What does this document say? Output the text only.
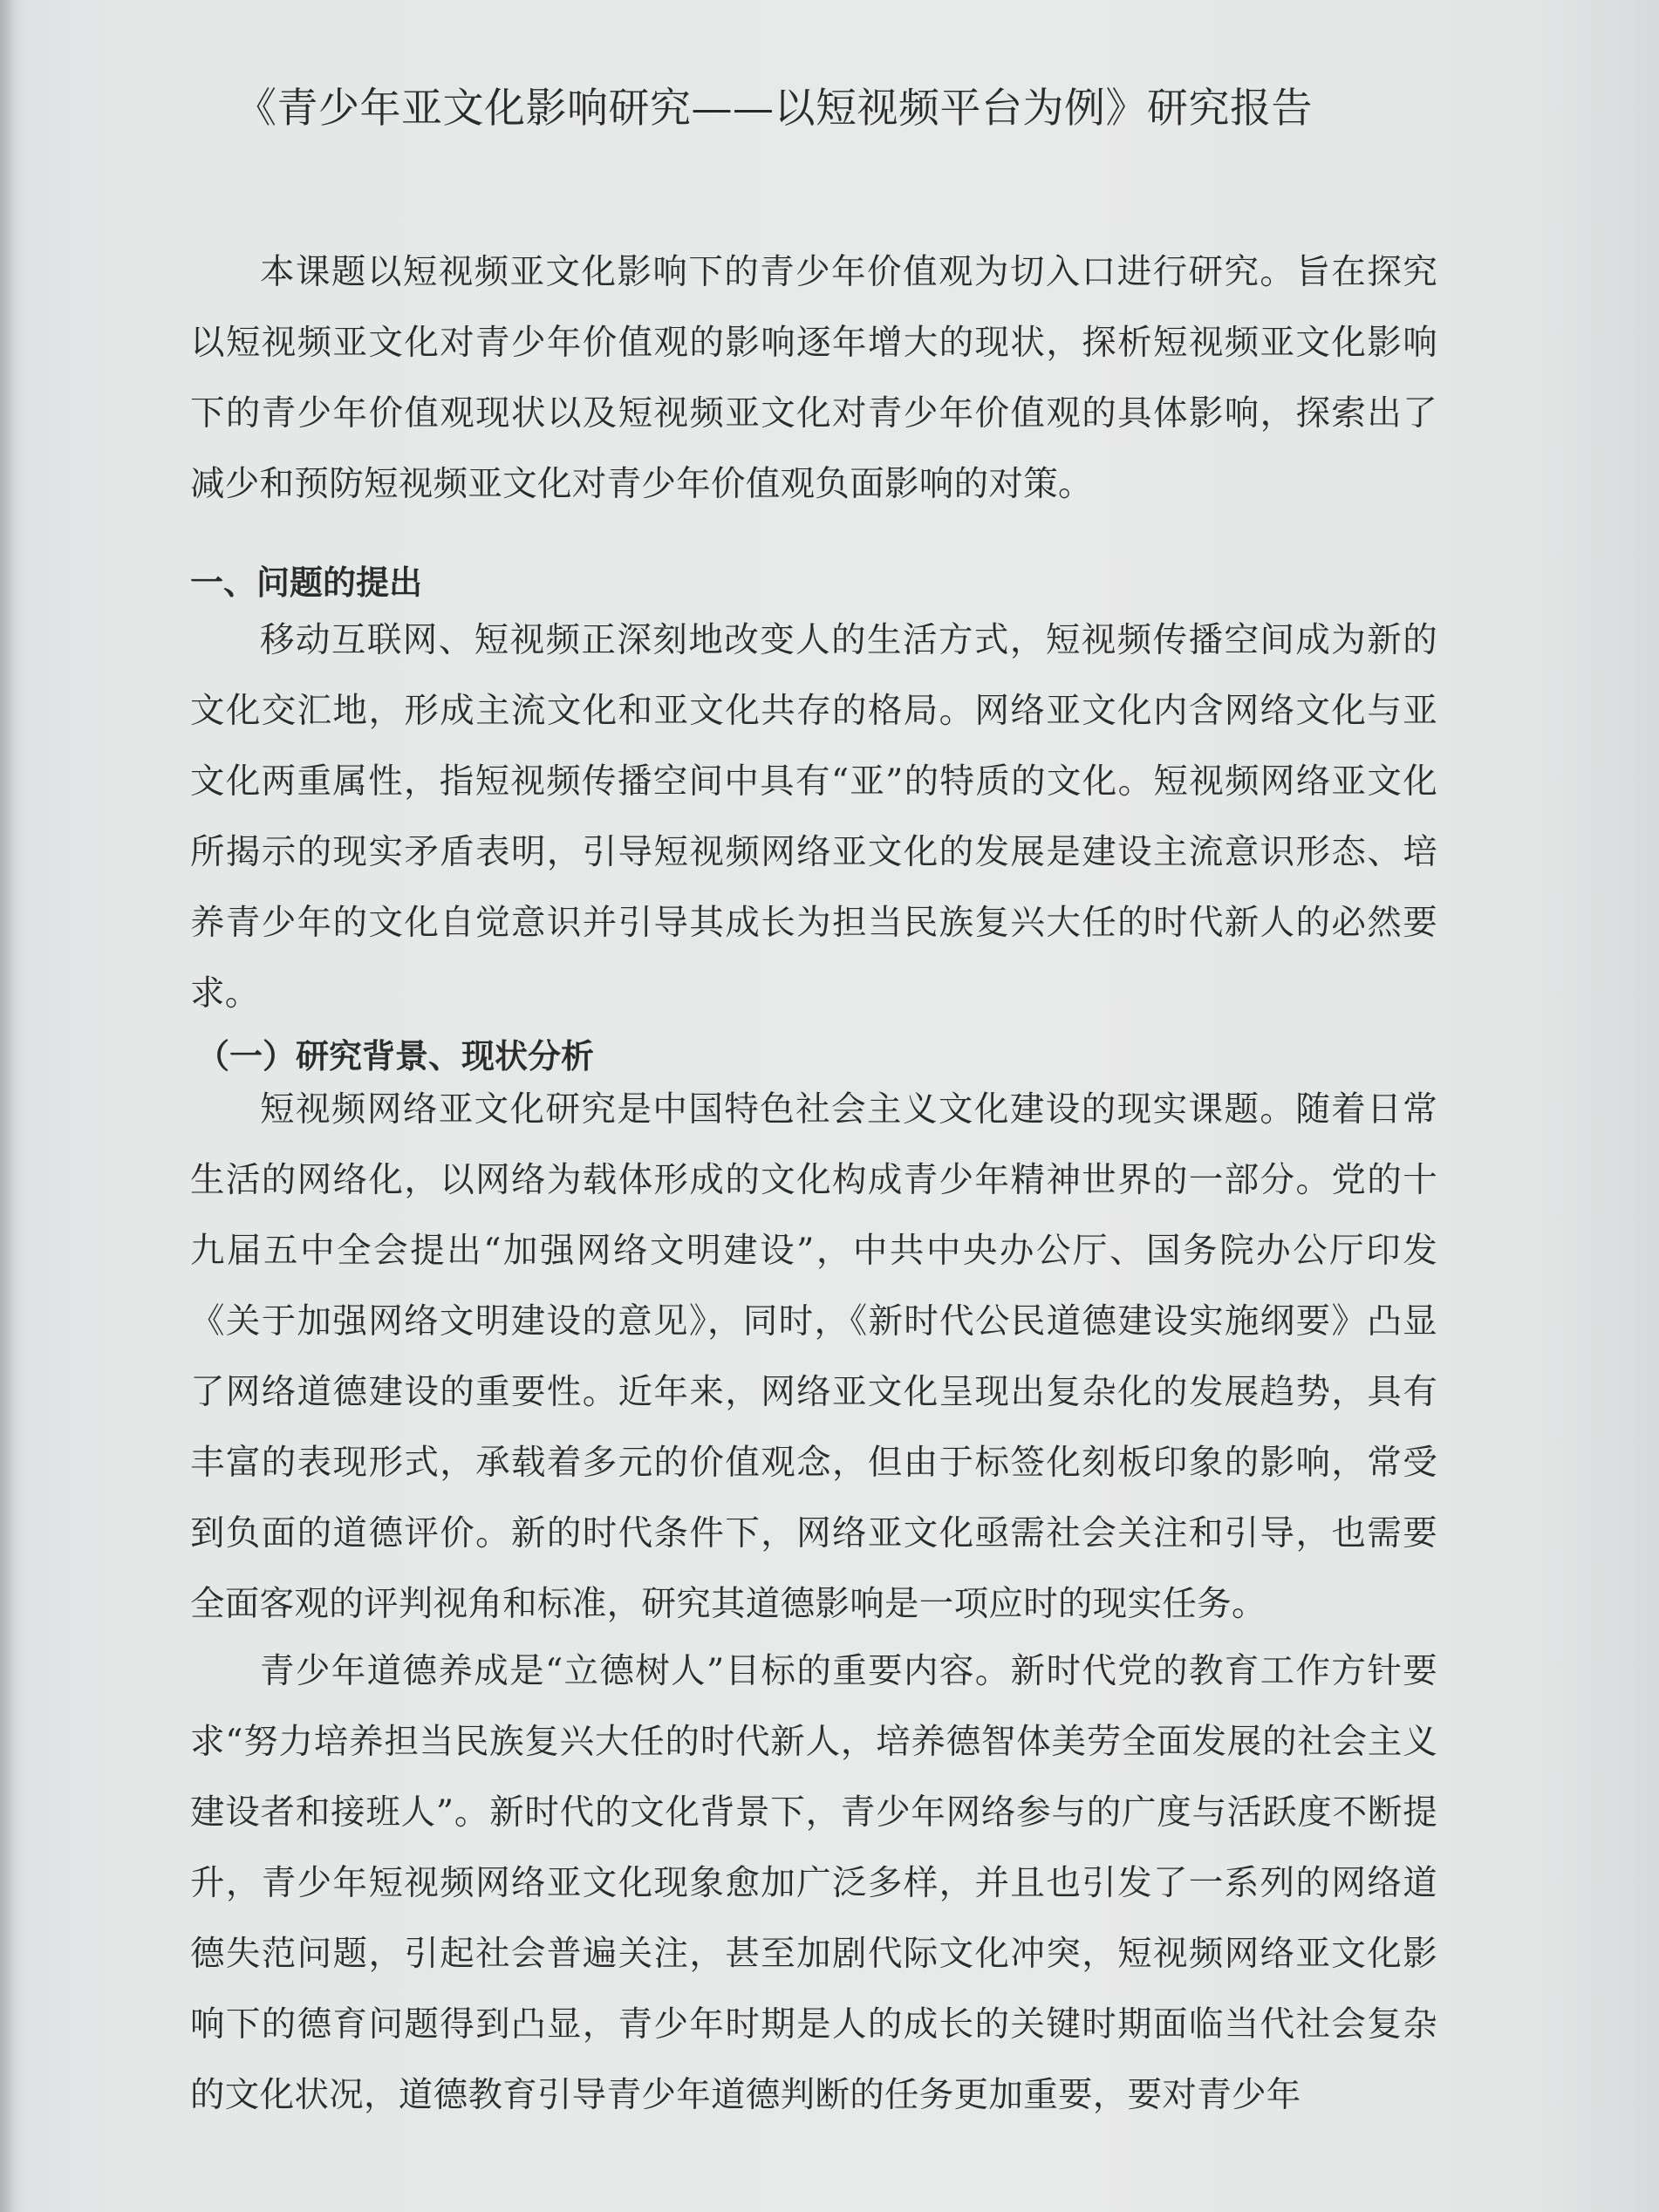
《青少年亚文化影响研究——以短视频平台为例》研究报告
本课题以短视频亚文化影响下的青少年价值观为切入口进行研究。旨在探究以短视频亚文化对青少年价值观的影响逐年增大的现状，探析短视频亚文化影响下的青少年价值观现状以及短视频亚文化对青少年价值观的具体影响，探索出了减少和预防短视频亚文化对青少年价值观负面影响的对策。
一、问题的提出
移动互联网、短视频正深刻地改变人的生活方式，短视频传播空间成为新的文化交汇地，形成主流文化和亚文化共存的格局。网络亚文化内含网络文化与亚文化两重属性，指短视频传播空间中具有“亚”的特质的文化。短视频网络亚文化所揭示的现实矛盾表明，引导短视频网络亚文化的发展是建设主流意识形态、培养青少年的文化自觉意识并引导其成长为担当民族复兴大任的时代新人的必然要求。
（一）研究背景、现状分析
短视频网络亚文化研究是中国特色社会主义文化建设的现实课题。随着日常生活的网络化，以网络为载体形成的文化构成青少年精神世界的一部分。党的十九届五中全会提出“加强网络文明建设”，中共中央办公厅、国务院办公厅印发《关于加强网络文明建设的意见》，同时，《新时代公民道德建设实施纲要》凸显了网络道德建设的重要性。近年来，网络亚文化呈现出复杂化的发展趋势，具有丰富的表现形式，承载着多元的价值观念，但由于标签化刻板印象的影响，常受到负面的道德评价。新的时代条件下，网络亚文化亟需社会关注和引导，也需要全面客观的评判视角和标准，研究其道德影响是一项应时的现实任务。
青少年道德养成是“立德树人”目标的重要内容。新时代党的教育工作方针要求“努力培养担当民族复兴大任的时代新人，培养德智体美劳全面发展的社会主义建设者和接班人”。新时代的文化背景下，青少年网络参与的广度与活跃度不断提升，青少年短视频网络亚文化现象愈加广泛多样，并且也引发了一系列的网络道德失范问题，引起社会普遍关注，甚至加剧代际文化冲突，短视频网络亚文化影响下的德育问题得到凸显，青少年时期是人的成长的关键时期面临当代社会复杂的文化状况，道德教育引导青少年道德判断的任务更加重要，要对青少年
